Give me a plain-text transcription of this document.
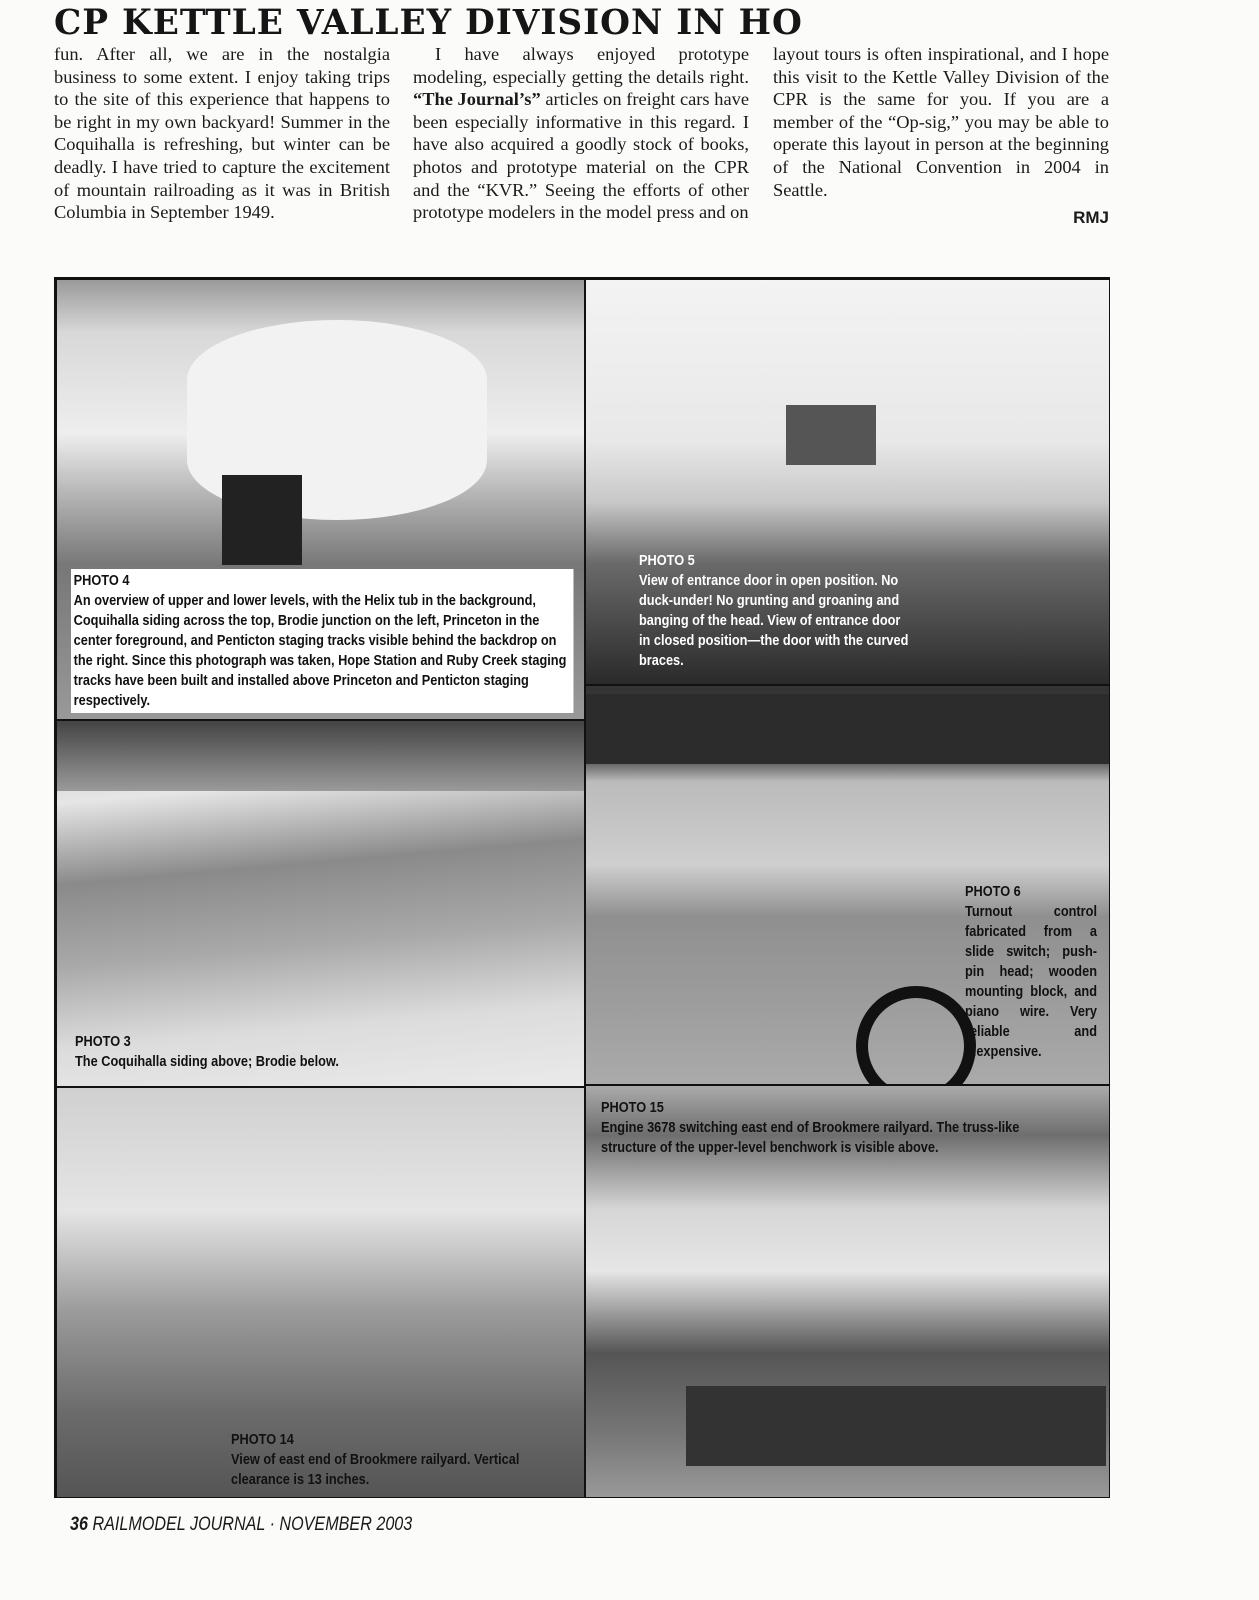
CP KETTLE VALLEY DIVISION IN HO

fun. After all, we are in the nostalgia business to some extent. I enjoy taking trips to the site of this experience that happens to be right in my own backyard! Summer in the Coquihalla is refreshing, but winter can be deadly. I have tried to capture the excitement of mountain railroading as it was in British Columbia in September 1949.

I have always enjoyed prototype modeling, especially getting the details right. “The Journal’s” articles on freight cars have been especially informative in this regard. I have also acquired a goodly stock of books, photos and prototype material on the CPR and the “KVR.” Seeing the efforts of other prototype modelers in the model press and on

layout tours is often inspirational, and I hope this visit to the Kettle Valley Division of the CPR is the same for you. If you are a member of the “Op-sig,” you may be able to operate this layout in person at the beginning of the National Convention in 2004 in Seattle.

RMJ

PHOTO 4
An overview of upper and lower levels, with the Helix tub in the background, Coquihalla siding across the top, Brodie junction on the left, Princeton in the center foreground, and Penticton staging tracks visible behind the backdrop on the right. Since this photograph was taken, Hope Station and Ruby Creek staging tracks have been built and installed above Princeton and Penticton staging respectively.
PHOTO 5
View of entrance door in open position. No duck-under! No grunting and groaning and banging of the head. View of entrance door in closed position—the door with the curved braces.
PHOTO 3
The Coquihalla siding above; Brodie below.
PHOTO 6
Turnout control fabricated from a slide switch; push-pin head; wooden mounting block, and piano wire. Very reliable and inexpensive.
PHOTO 14
View of east end of Brookmere railyard. Vertical clearance is 13 inches.
PHOTO 15
Engine 3678 switching east end of Brookmere railyard. The truss-like structure of the upper-level benchwork is visible above.
36 RAILMODEL JOURNAL · NOVEMBER 2003
